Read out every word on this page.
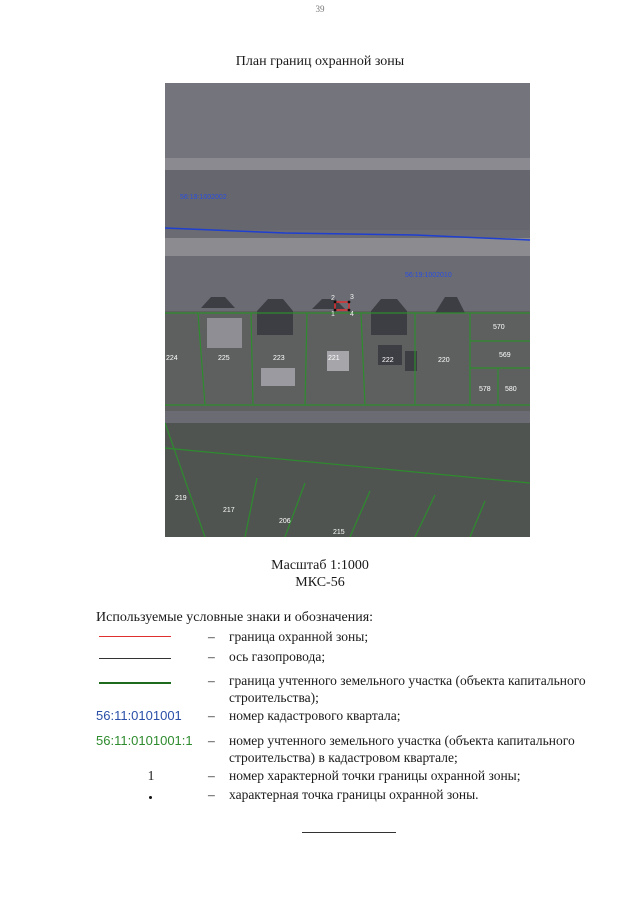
39
План границ охранной зоны
2 3
1 4
56:19:1002002
56:19:1002010
224	225	223	221	222	220
570
569
578 580
219
217
206
215
Масштаб 1:1000
МКС-56
Используемые условные знаки и обозначения:
– граница охранной зоны;
– ось газопровода;
– граница учтенного земельного участка (объекта капитального строительства);
56:11:0101001	– номер кадастрового квартала;
56:11:0101001:1 – номер учтенного земельного участка (объекта капитального строительства) в кадастровом квартале;
1	– номер характерной точки границы охранной зоны;
– характерная точка границы охранной зоны.
